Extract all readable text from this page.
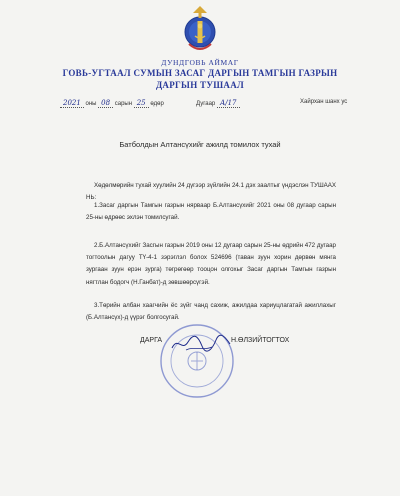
ДУНДГОВЬ АЙМАГ
ГОВЬ-УГТААЛ СУМЫН ЗАСАГ ДАРГЫН ТАМГЫН ГАЗРЫН
ДАРГЫН ТУШААЛ
2021 оны 08 сарын 25 өдөр	Дугаар А/17	Хайрхан шанх ус
Батболдын Алтансүхийг ажилд томилох тухай

Хөдөлмөрийн тухай хуулийн 24 дүгээр зүйлийн 24.1 дэх заалтыг үндэслэн ТУШААХ НЬ:

1.Засаг даргын Тамгын газрын нярваар Б.Алтансүхийг 2021 оны 08 дугаар сарын 25-ны өдрөөс эхлэн томилсугай.

2.Б.Алтансүхийг Засгын газрын 2019 оны 12 дугаар сарын 25-ны өдрийн 472 дугаар тогтоолын дагуу ТҮ-4-1 зэрэглэл болох 524696 (таван зуун хорин дөрвөн мянга зургаан зуун ерэн зурга) төгрөгөөр тооцон олгохыг Засаг даргын Тамгын газрын нягтлан бодогч (Н.Ганбат)-д зөвшөөрсүгэй.

3.Төрийн албан хаагчийн ёс зүйг чанд сахиж, ажилдаа хариуцлагатай ажиллахыг (Б.Алтансүх)-д үүрэг болгосугай.

ДАРГА	Н.ӨЛЗИЙТОГТОХ
